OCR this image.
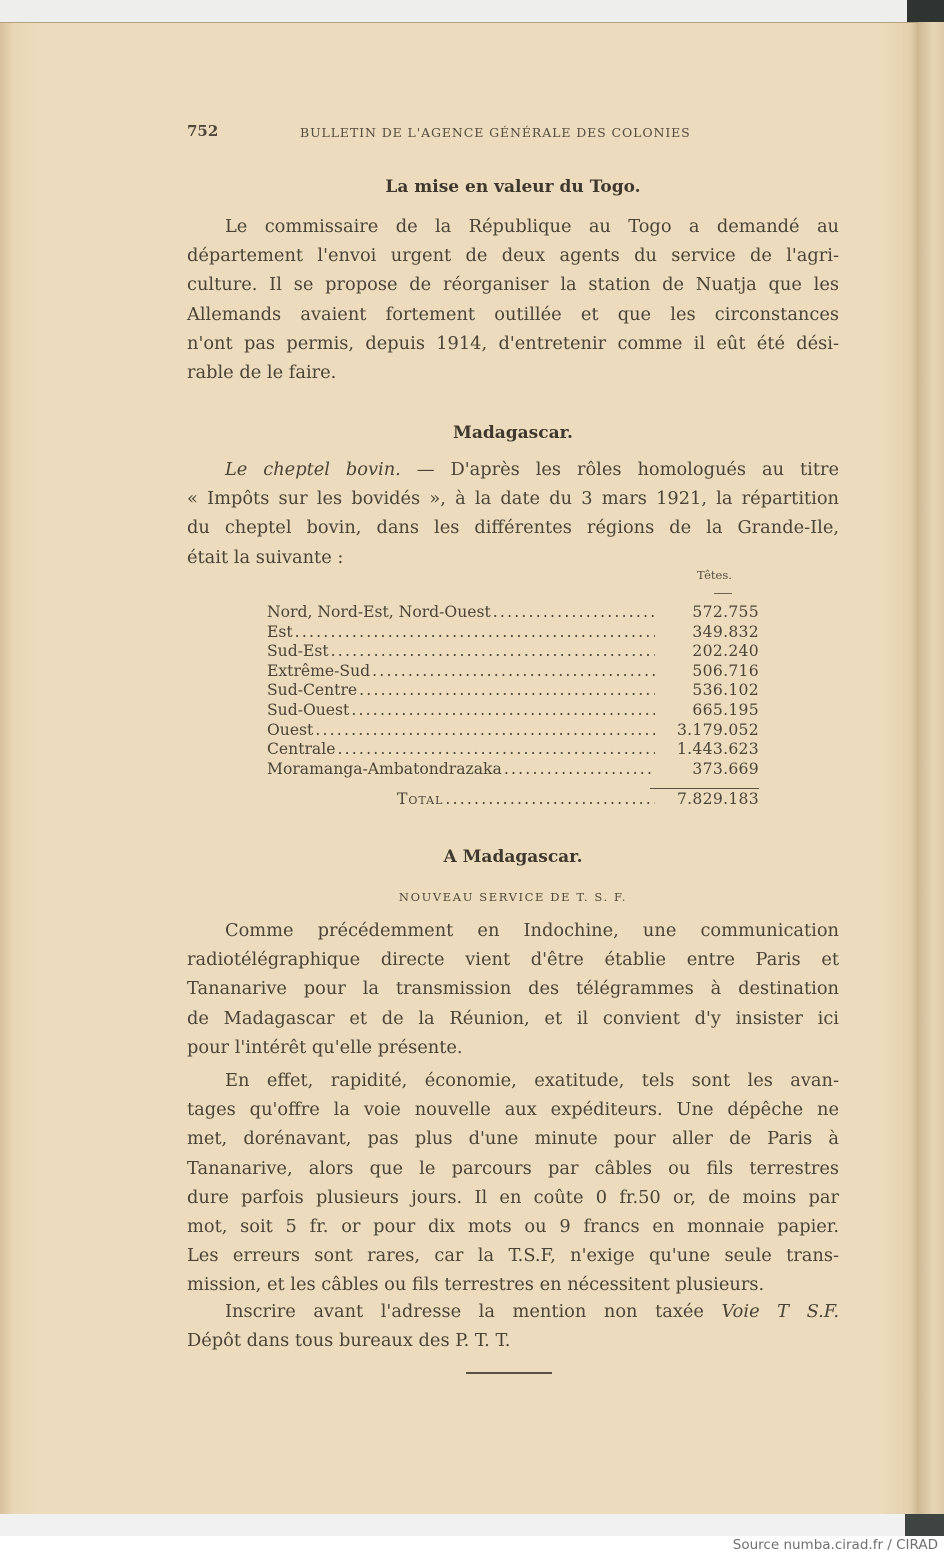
752	BULLETIN DE L'AGENCE GÉNÉRALE DES COLONIES
La mise en valeur du Togo.
Le commissaire de la République au Togo a demandé au
département l'envoi urgent de deux agents du service de l'agri-
culture. Il se propose de réorganiser la station de Nuatja que les
Allemands avaient fortement outillée et que les circonstances
n'ont pas permis, depuis 1914, d'entretenir comme il eût été dési-
rable de le faire.
Madagascar.
Le cheptel bovin. — D'après les rôles homologués au titre
« Impôts sur les bovidés », à la date du 3 mars 1921, la répartition
du cheptel bovin, dans les différentes régions de la Grande-Ile,
était la suivante :
Têtes.
Nord, Nord-Est, Nord-Ouest .....	572.755
Est .....	349.832
Sud-Est .....	202.240
Extrême-Sud .....	506.716
Sud-Centre .....	536.102
Sud-Ouest .....	665.195
Ouest .....	3.179.052
Centrale .....	1.443.623
Moramanga-Ambatondrazaka .....	373.669
Total .....	7.829.183
A Madagascar.
NOUVEAU SERVICE DE T. S. F.
Comme précédemment en Indochine, une communication
radiotélégraphique directe vient d'être établie entre Paris et
Tananarive pour la transmission des télégrammes à destination
de Madagascar et de la Réunion, et il convient d'y insister ici
pour l'intérêt qu'elle présente.
En effet, rapidité, économie, exatitude, tels sont les avan-
tages qu'offre la voie nouvelle aux expéditeurs. Une dépêche ne
met, dorénavant, pas plus d'une minute pour aller de Paris à
Tananarive, alors que le parcours par câbles ou fils terrestres
dure parfois plusieurs jours. Il en coûte 0 fr.50 or, de moins par
mot, soit 5 fr. or pour dix mots ou 9 francs en monnaie papier.
Les erreurs sont rares, car la T.S.F, n'exige qu'une seule trans-
mission, et les câbles ou fils terrestres en nécessitent plusieurs.
Inscrire avant l'adresse la mention non taxée Voie T S.F.
Dépôt dans tous bureaux des P. T. T.
Source numba.cirad.fr / CIRAD
